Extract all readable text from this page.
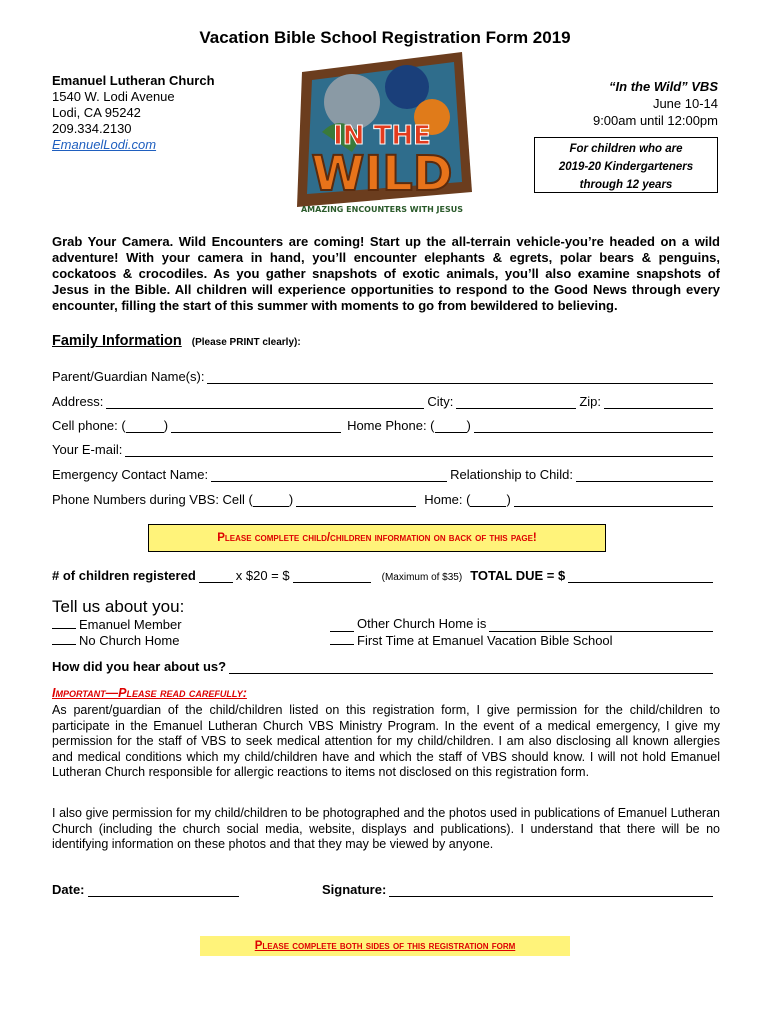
Vacation Bible School Registration Form 2019
Emanuel Lutheran Church
1540 W. Lodi Avenue
Lodi, CA 95242
209.334.2130
EmanuelLodi.com	IN THE
WILD
AMAZING ENCOUNTERS WITH JESUS
“In the Wild” VBS
June 10-14
9:00am until 12:00pm
For children who are
2019-20 Kindergarteners
through 12 years
Grab Your Camera. Wild Encounters are coming! Start up the all-terrain vehicle-you’re headed on a wild adventure! With your camera in hand, you’ll encounter elephants & egrets, polar bears & penguins, cockatoos & crocodiles. As you gather snapshots of exotic animals, you’ll also examine snapshots of Jesus in the Bible. All children will experience opportunities to respond to the Good News through every encounter, filling the start of this summer with moments to go from bewildered to believing.
Family Information (Please PRINT clearly):
Parent/Guardian Name(s):
Address:	City:	Zip:
Cell phone: (	)	Home Phone: ( )
Your E-mail:
Emergency Contact Name:	Relationship to Child:
Phone Numbers during VBS: Cell (	)	Home: (	)
Please complete child/children information on back of this page!
# of children registered	x $20 = $	(Maximum of $35) TOTAL DUE = $
Tell us about you:
Emanuel Member
No Church Home
Other Church Home is
First Time at Emanuel Vacation Bible School
How did you hear about us?
Important—Please read carefully:
As parent/guardian of the child/children listed on this registration form, I give permission for the child/children to participate in the Emanuel Lutheran Church VBS Ministry Program. In the event of a medical emergency, I give my permission for the staff of VBS to seek medical attention for my child/children. I am also disclosing all known allergies and medical conditions which my child/children have and which the staff of VBS should know. I will not hold Emanuel Lutheran Church responsible for allergic reactions to items not disclosed on this registration form.
I also give permission for my child/children to be photographed and the photos used in publications of Emanuel Lutheran Church (including the church social media, website, displays and publications). I understand that there will be no identifying information on these photos and that they may be viewed by anyone.
Date:	Signature:
Please complete both sides of this registration form
